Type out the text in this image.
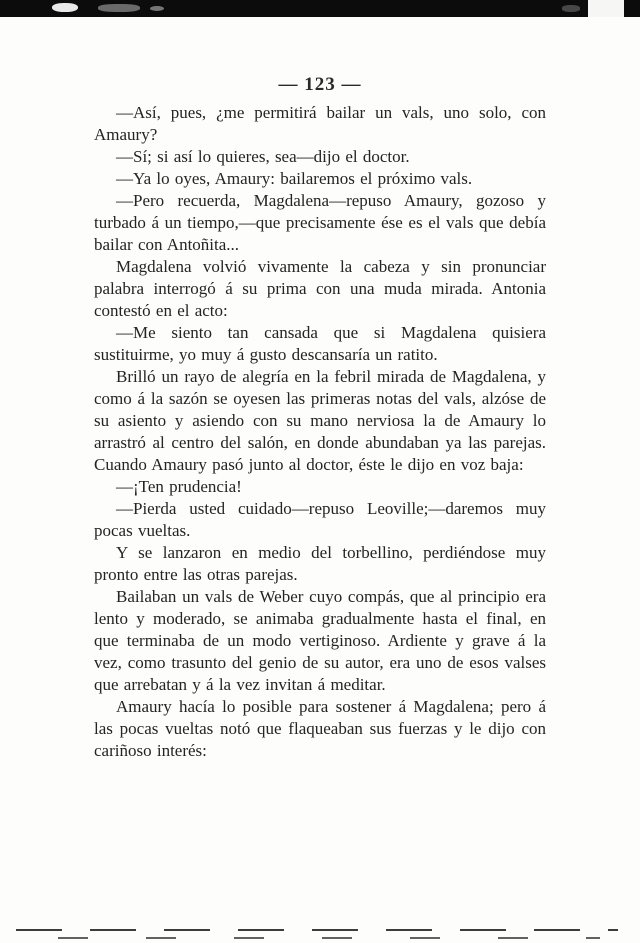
— 123 —

—Así, pues, ¿me permitirá bailar un vals, uno solo, con Amaury?

—Sí; si así lo quieres, sea—dijo el doctor.

—Ya lo oyes, Amaury: bailaremos el próximo vals.

—Pero recuerda, Magdalena—repuso Amaury, gozoso y turbado á un tiempo,—que precisamente ése es el vals que debía bailar con Antoñita...

Magdalena volvió vivamente la cabeza y sin pronunciar palabra interrogó á su prima con una muda mirada. Antonia contestó en el acto:

—Me siento tan cansada que si Magdalena quisiera sustituirme, yo muy á gusto descansaría un ratito.

Brilló un rayo de alegría en la febril mirada de Magdalena, y como á la sazón se oyesen las primeras notas del vals, alzóse de su asiento y asiendo con su mano nerviosa la de Amaury lo arrastró al centro del salón, en donde abundaban ya las parejas. Cuando Amaury pasó junto al doctor, éste le dijo en voz baja:

—¡Ten prudencia!

—Pierda usted cuidado—repuso Leoville;—daremos muy pocas vueltas.

Y se lanzaron en medio del torbellino, perdiéndose muy pronto entre las otras parejas.

Bailaban un vals de Weber cuyo compás, que al principio era lento y moderado, se animaba gradualmente hasta el final, en que terminaba de un modo vertiginoso. Ardiente y grave á la vez, como trasunto del genio de su autor, era uno de esos valses que arrebatan y á la vez invitan á meditar.

Amaury hacía lo posible para sostener á Magdalena; pero á las pocas vueltas notó que flaqueaban sus fuerzas y le dijo con cariñoso interés:
